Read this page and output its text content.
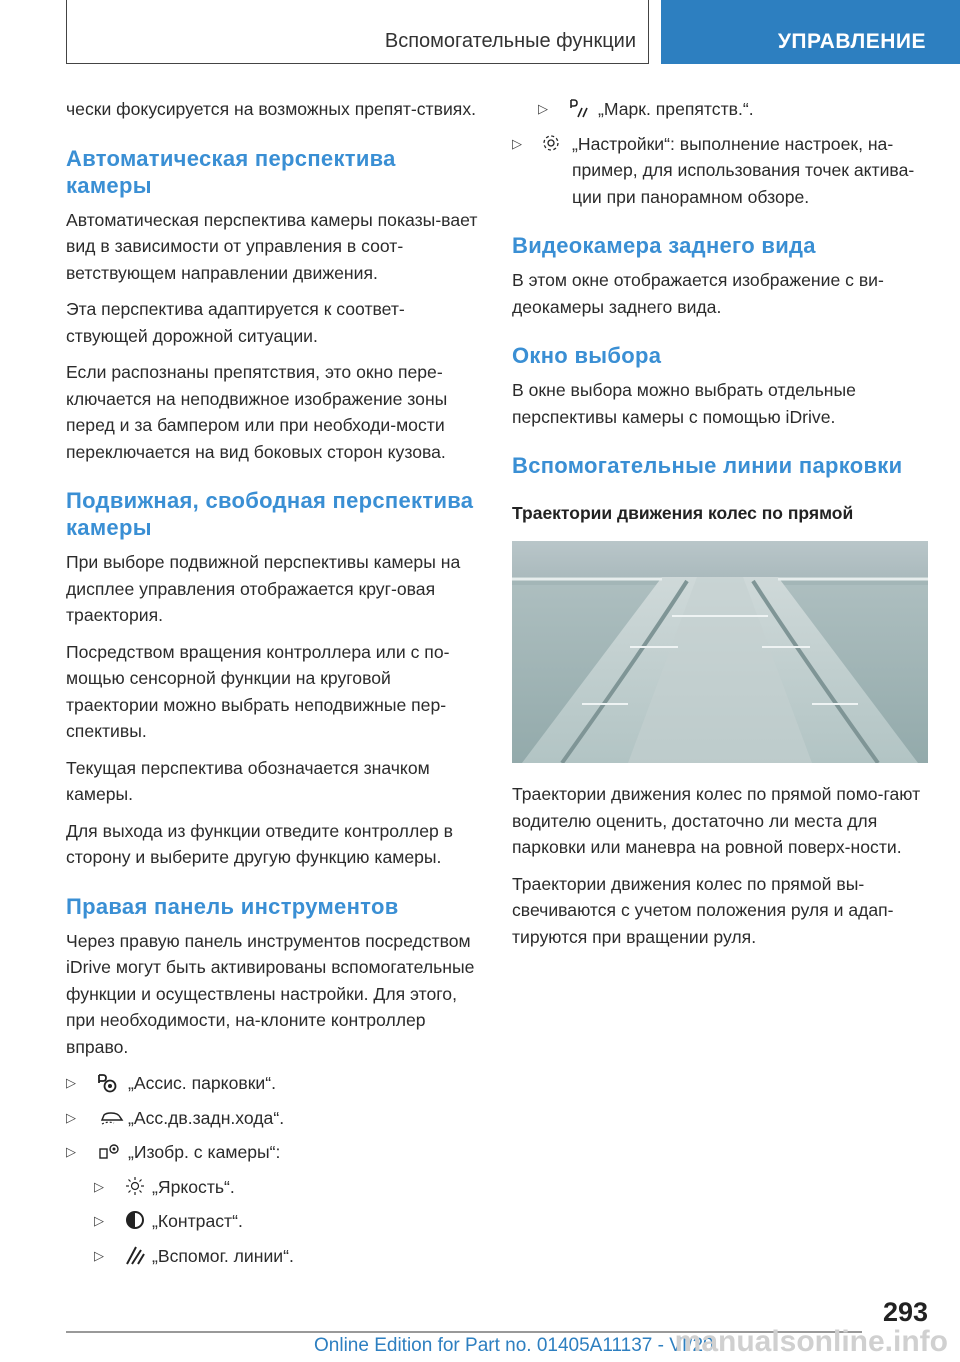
Вспомогательные функции	УПРАВЛЕНИЕ

чески фокусируется на возможных препят-ствиях.

Автоматическая перспектива камеры

Автоматическая перспектива камеры показы-вает вид в зависимости от управления в соот-ветствующем направлении движения.

Эта перспектива адаптируется к соответ-ствующей дорожной ситуации.

Если распознаны препятствия, это окно пере-ключается на неподвижное изображение зоны перед и за бампером или при необходи-мости переключается на вид боковых сторон кузова.

Подвижная, свободная перспектива камеры

При выборе подвижной перспективы камеры на дисплее управления отображается круг-овая траектория.

Посредством вращения контроллера или с по-мощью сенсорной функции на круговой траектории можно выбрать неподвижные пер-спективы.

Текущая перспектива обозначается значком камеры.

Для выхода из функции отведите контроллер в сторону и выберите другую функцию камеры.

Правая панель инструментов

Через правую панель инструментов посредством iDrive могут быть активированы вспомогательные функции и осуществлены настройки. Для этого, при необходимости, на-клоните контроллер вправо.

▷	„Ассис. парковки“.
▷	„Асс.дв.задн.хода“.
▷	„Изобр. с камеры“:
▷	„Яркость“.
▷	„Контраст“.
▷	„Вспомог. линии“.
▷	„Марк. препятств.“.
▷	„Настройки“: выполнение настроек, на-пример, для использования точек актива-ции при панорамном обзоре.
Видеокамера заднего вида

В этом окне отображается изображение с ви-деокамеры заднего вида.

Окно выбора

В окне выбора можно выбрать отдельные перспективы камеры с помощью iDrive.

Вспомогательные линии парковки
Траектории движения колес по прямой

Траектории движения колес по прямой помо-гают водителю оценить, достаточно ли места для парковки или маневра на ровной поверх-ности.

Траектории движения колес по прямой вы-свечиваются с учетом положения руля и адап-тируются при вращении руля.

293
Online Edition for Part no. 01405A11137 - VI/20
manualsonline.info
